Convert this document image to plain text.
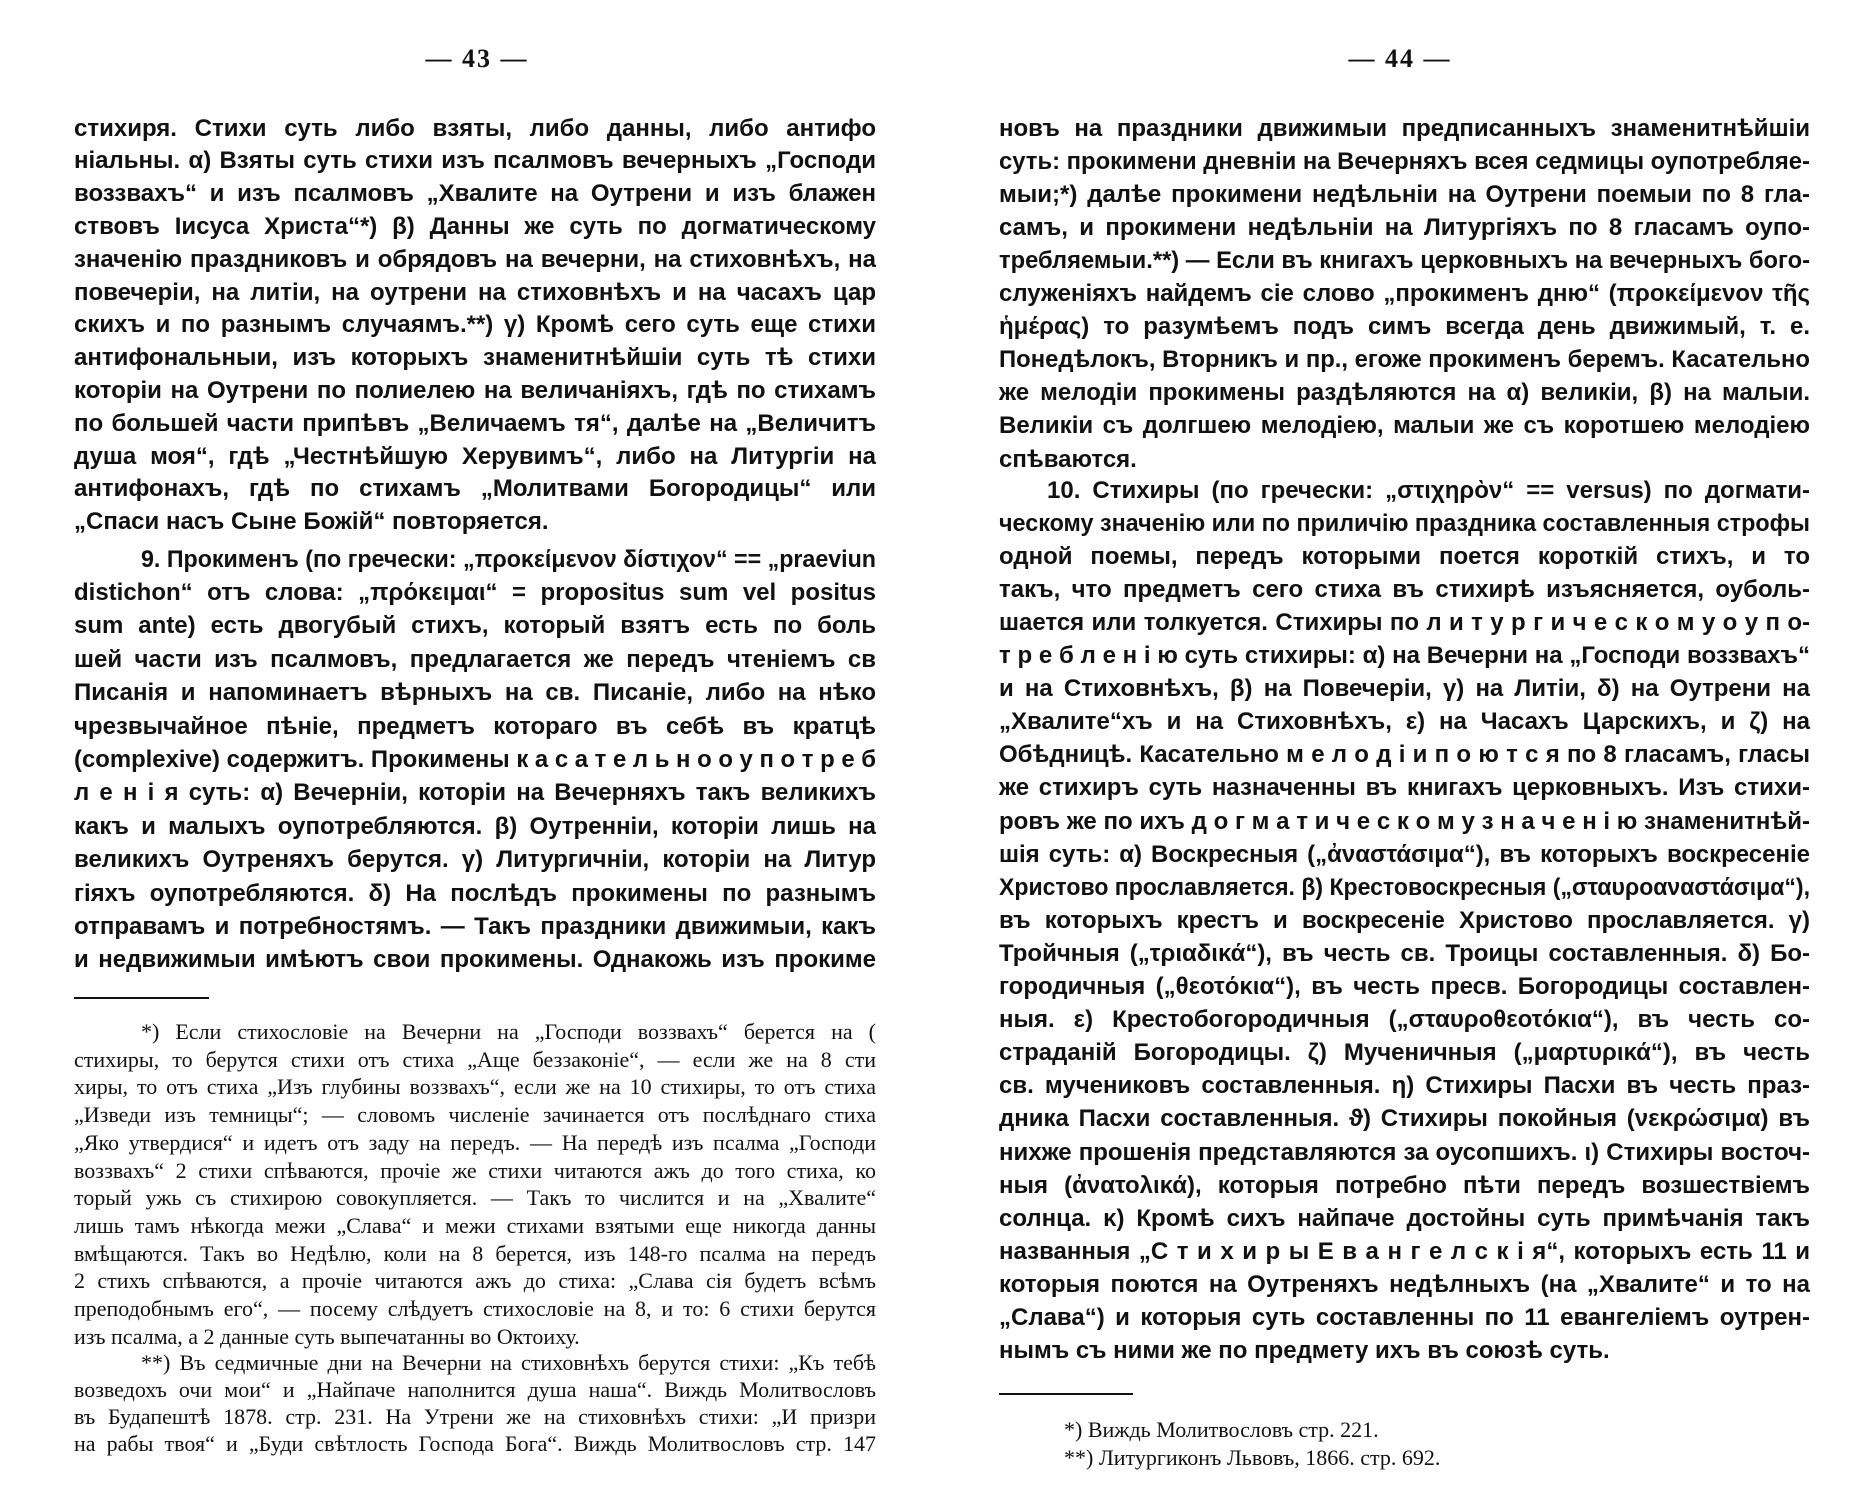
— 43 —	— 44 —
стихиря. Стихи суть либо взяты, либо данны, либо антифо
ніальны. α) Взяты суть стихи изъ псалмовъ вечерныхъ „Господи
воззвахъ“ и изъ псалмовъ „Хвалите на Оутрени и изъ блажен
ствовъ Іисуса Христа“*) β) Данны же суть по догматическому
значенію праздниковъ и обрядовъ на вечерни, на стиховнѣхъ, на
повечеріи, на литіи, на оутрени на стиховнѣхъ и на часахъ цар
скихъ и по разнымъ случаямъ.**) γ) Кромѣ сего суть еще стихи
антифональныи, изъ которыхъ знаменитнѣйшіи суть тѣ стихи
которіи на Оутрени по полиелею на величаніяхъ, гдѣ по стихамъ
по большей части припѣвъ „Величаемъ тя“, далѣе на „Величитъ
душа моя“, гдѣ „Честнѣйшую Херувимъ“, либо на Литургіи на
антифонахъ, гдѣ по стихамъ „Молитвами Богородицы“ или
„Спаси насъ Сыне Божій“ повторяется.
9. Прокименъ (по гречески: „προκείμενον δίστιχον“ == „praeviun
distichon“ отъ слова: „πρόκειμαι“ = propositus sum vel positus
sum ante) есть двогубый стихъ, который взятъ есть по боль
шей части изъ псалмовъ, предлагается же передъ чтеніемъ св
Писанія и напоминаетъ вѣрныхъ на св. Писаніе, либо на нѣко
чрезвычайное пѣніе, предметъ котораго въ себѣ въ кратцѣ
(complexive) содержитъ. Прокимены к а с а т е л ь н о о у п о т р е б
л е н і я суть: α) Вечерніи, которіи на Вечерняхъ такъ великихъ
какъ и малыхъ оупотребляются. β) Оутренніи, которіи лишь на
великихъ Оутреняхъ берутся. γ) Литургичніи, которіи на Литур
гіяхъ оупотребляются. δ) На послѣдъ прокимены по разнымъ
отправамъ и потребностямъ. — Такъ праздники движимыи, какъ
и недвижимыи имѣютъ свои прокимены. Однакожь изъ прокиме
*) Если стихословіе на Вечерни на „Господи воззвахъ“ берется на (
стихиры, то берутся стихи отъ стиха „Аще беззаконіе“, — если же на 8 сти
хиры, то отъ стиха „Изъ глубины воззвахъ“, если же на 10 стихиры, то отъ стиха
„Изведи изъ темницы“; — словомъ численіе зачинается отъ послѣднаго стиха
„Яко утвердися“ и идетъ отъ заду на передъ. — На передѣ изъ псалма „Господи
воззвахъ“ 2 стихи спѣваются, прочіе же стихи читаются ажъ до того стиха, ко
торый ужь съ стихирою совокупляется. — Такъ то числится и на „Хвалите“
лишь тамъ нѣкогда межи „Слава“ и межи стихами взятыми еще никогда данны
вмѣщаются. Такъ во Недѣлю, коли на 8 берется, изъ 148-го псалма на передъ
2 стихъ спѣваются, а прочіе читаются ажъ до стиха: „Слава сія будетъ всѣмъ
преподобнымъ его“, — посему слѣдуетъ стихословіе на 8, и то: 6 стихи берутся
изъ псалма, а 2 данные суть выпечатанны во Октоиху.
**) Въ седмичные дни на Вечерни на стиховнѣхъ берутся стихи: „Къ тебѣ
возведохъ очи мои“ и „Найпаче наполнится душа наша“. Виждь Молитвословъ
въ Будапештѣ 1878. стр. 231. На Утрени же на стиховнѣхъ стихи: „И призри
на рабы твоя“ и „Буди свѣтлость Господа Бога“. Виждь Молитвословъ стр. 147
новъ на праздники движимыи предписанныхъ знаменитнѣйшіи
суть: прокимени дневніи на Вечерняхъ всея седмицы оупотребляе-
мыи;*) далѣе прокимени недѣльніи на Оутрени поемыи по 8 гла-
самъ, и прокимени недѣльніи на Литургіяхъ по 8 гласамъ оупо-
требляемыи.**) — Если въ книгахъ церковныхъ на вечерныхъ бого-
служеніяхъ найдемъ сіе слово „прокименъ дню“ (προκείμενον τῆς
ἡμέρας) то разумѣемъ подъ симъ всегда день движимый, т. е.
Понедѣлокъ, Вторникъ и пр., егоже прокименъ беремъ. Касательно
же мелодіи прокимены раздѣляются на α) великіи, β) на малыи.
Великіи съ долгшею мелодіею, малыи же съ коротшею мелодіею
спѣваются.
10. Стихиры (по гречески: „στιχηρὸν“ == versus) по догмати-
ческому значенію или по приличію праздника составленныя строфы
одной поемы, передъ которыми поется короткій стихъ, и то
такъ, что предметъ сего стиха въ стихирѣ изъясняется, оуболь-
шается или толкуется. Стихиры по л и т у р г и ч е с к о м у о у п о-
т р е б л е н і ю суть стихиры: α) на Вечерни на „Господи воззвахъ“
и на Стиховнѣхъ, β) на Повечеріи, γ) на Литіи, δ) на Оутрени на
„Хвалите“хъ и на Стиховнѣхъ, ε) на Часахъ Царскихъ, и ζ) на
Обѣдницѣ. Касательно м е л о д і и п о ю т с я по 8 гласамъ, гласы
же стихиръ суть назначенны въ книгахъ церковныхъ. Изъ стихи-
ровъ же по ихъ д о г м а т и ч е с к о м у з н а ч е н і ю знаменитнѣй-
шія суть: α) Воскресныя („ἀναστάσιμα“), въ которыхъ воскресеніе
Христово прославляется. β) Крестовоскресныя („σταυροαναστάσιμα“),
въ которыхъ крестъ и воскресеніе Христово прославляется. γ)
Тройчныя („τριαδικά“), въ честь св. Троицы составленныя. δ) Бо-
городичныя („θεοτόκια“), въ честь пресв. Богородицы составлен-
ныя. ε) Крестобогородичныя („σταυροθεοτόκια“), въ честь со-
страданій Богородицы. ζ) Мученичныя („μαρτυρικά“), въ честь
св. мучениковъ составленныя. η) Стихиры Пасхи въ честь праз-
дника Пасхи составленныя. ϑ) Стихиры покойныя (νεκρώσιμα) въ
нихже прошенія представляются за оусопшихъ. ι) Стихиры восточ-
ныя (ἀνατολικά), которыя потребно пѣти передъ возшествіемъ
солнца. κ) Кромѣ сихъ найпаче достойны суть примѣчанія такъ
названныя „С т и х и р ы Е в а н г е л с к і я“, которыхъ есть 11 и
которыя поются на Оутреняхъ недѣлныхъ (на „Хвалите“ и то на
„Слава“) и которыя суть составленны по 11 евангеліемъ оутрен-
нымъ съ ними же по предмету ихъ въ союзѣ суть.
*) Виждь Молитвословъ стр. 221.
**) Литургиконъ Львовъ, 1866. стр. 692.
